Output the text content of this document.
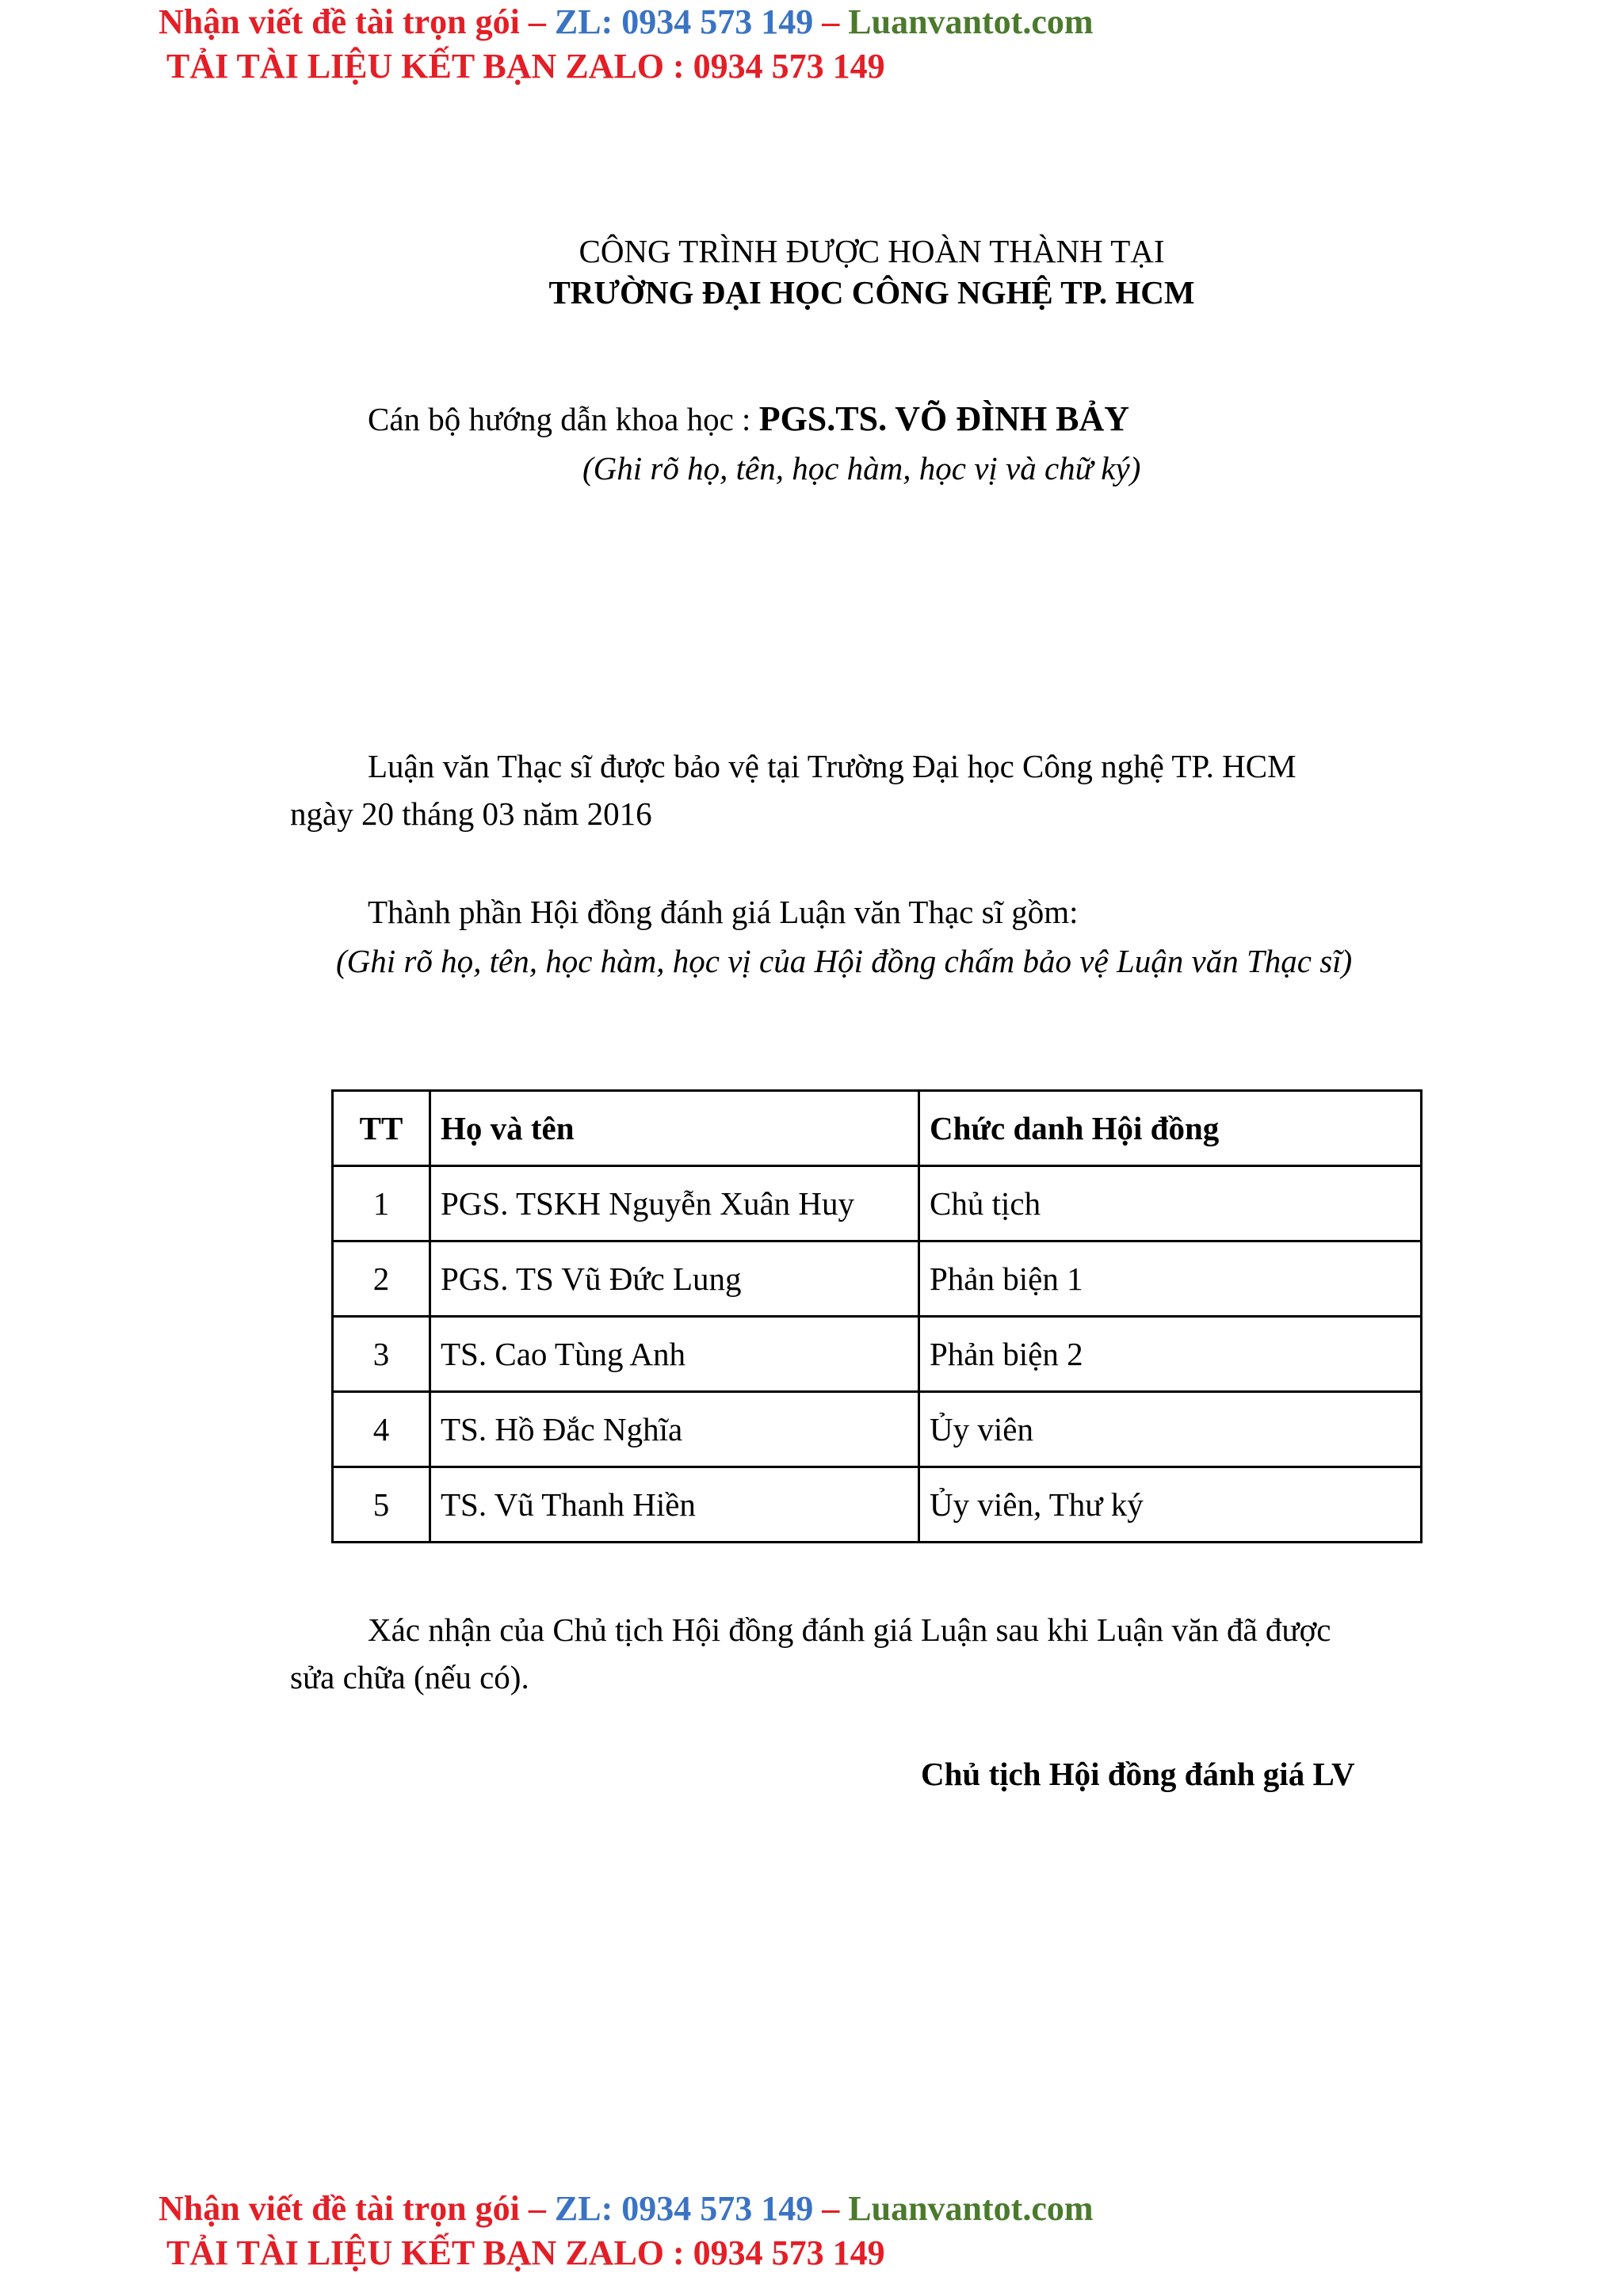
Nhận viết đề tài trọn gói – ZL: 0934 573 149 – Luanvantot.com
TẢI TÀI LIỆU KẾT BẠN ZALO : 0934 573 149
CÔNG TRÌNH ĐƯỢC HOÀN THÀNH TẠI
TRƯỜNG ĐẠI HỌC CÔNG NGHỆ TP. HCM
Cán bộ hướng dẫn khoa học : PGS.TS. VÕ ĐÌNH BẢY
(Ghi rõ họ, tên, học hàm, học vị và chữ ký)
Luận văn Thạc sĩ được bảo vệ tại Trường Đại học Công nghệ TP. HCM
ngày 20 tháng 03 năm 2016
Thành phần Hội đồng đánh giá Luận văn Thạc sĩ gồm:
(Ghi rõ họ, tên, học hàm, học vị của Hội đồng chấm bảo vệ Luận văn Thạc sĩ)
TT	Họ và tên	Chức danh Hội đồng
1	PGS. TSKH Nguyễn Xuân Huy	Chủ tịch
2	PGS. TS Vũ Đức Lung	Phản biện 1
3	TS. Cao Tùng Anh	Phản biện 2
4	TS. Hồ Đắc Nghĩa	Ủy viên
5	TS. Vũ Thanh Hiền	Ủy viên, Thư ký
Xác nhận của Chủ tịch Hội đồng đánh giá Luận sau khi Luận văn đã được
sửa chữa (nếu có).
Chủ tịch Hội đồng đánh giá LV
Nhận viết đề tài trọn gói – ZL: 0934 573 149 – Luanvantot.com
TẢI TÀI LIỆU KẾT BẠN ZALO : 0934 573 149
